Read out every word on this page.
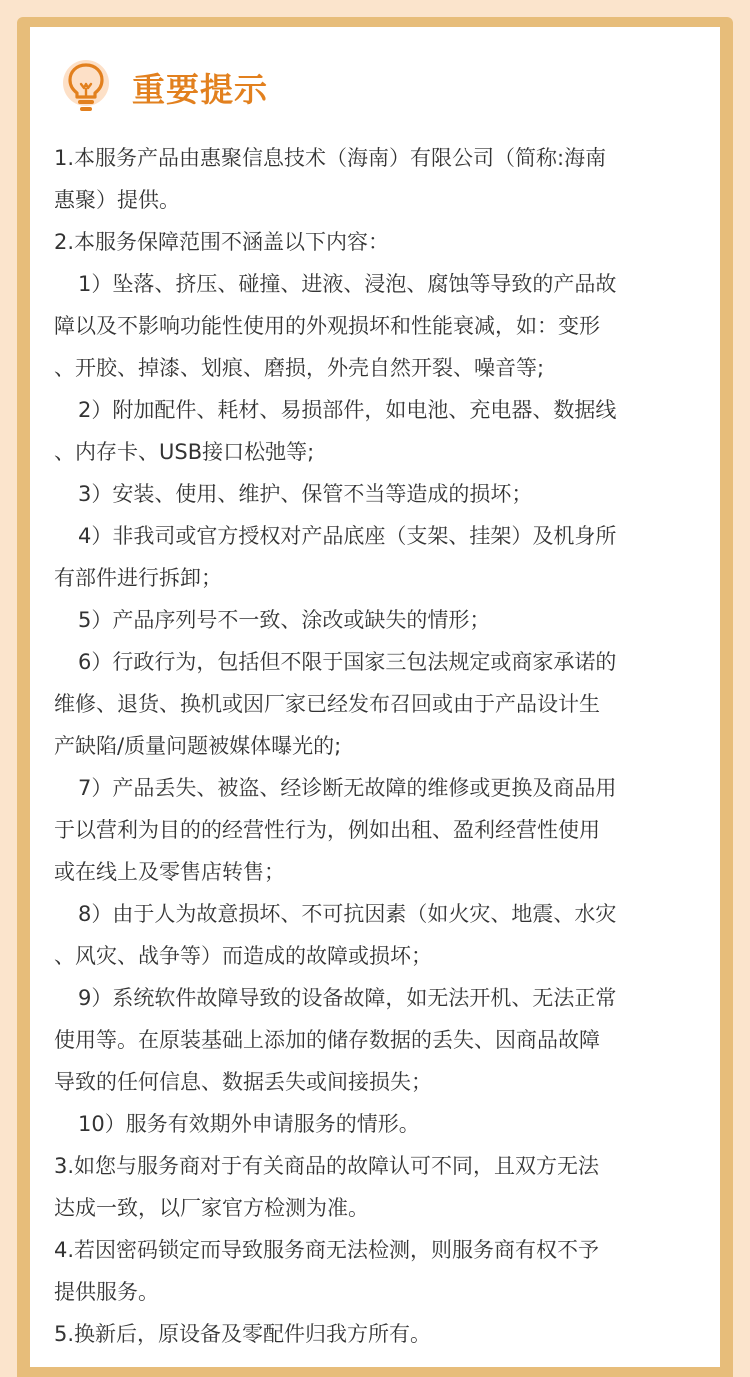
重要提示

1.本服务产品由惠聚信息技术（海南）有限公司（简称:海南

惠聚）提供。

2.本服务保障范围不涵盖以下内容：

1）坠落、挤压、碰撞、进液、浸泡、腐蚀等导致的产品故

障以及不影响功能性使用的外观损坏和性能衰减，如：变形

、开胶、掉漆、划痕、磨损，外壳自然开裂、噪音等;

2）附加配件、耗材、易损部件，如电池、充电器、数据线

、内存卡、USB接口松弛等;

3）安装、使用、维护、保管不当等造成的损坏；

4）非我司或官方授权对产品底座（支架、挂架）及机身所

有部件进行拆卸；

5）产品序列号不一致、涂改或缺失的情形；

6）行政行为，包括但不限于国家三包法规定或商家承诺的

维修、退货、换机或因厂家已经发布召回或由于产品设计生

产缺陷/质量问题被媒体曝光的;

7）产品丢失、被盗、经诊断无故障的维修或更换及商品用

于以营利为目的的经营性行为，例如出租、盈利经营性使用

或在线上及零售店转售；

8）由于人为故意损坏、不可抗因素（如火灾、地震、水灾

、风灾、战争等）而造成的故障或损坏；

9）系统软件故障导致的设备故障，如无法开机、无法正常

使用等。在原装基础上添加的储存数据的丢失、因商品故障

导致的任何信息、数据丢失或间接损失；

10）服务有效期外申请服务的情形。

3.如您与服务商对于有关商品的故障认可不同，且双方无法

达成一致，以厂家官方检测为准。

4.若因密码锁定而导致服务商无法检测，则服务商有权不予

提供服务。

5.换新后，原设备及零配件归我方所有。
